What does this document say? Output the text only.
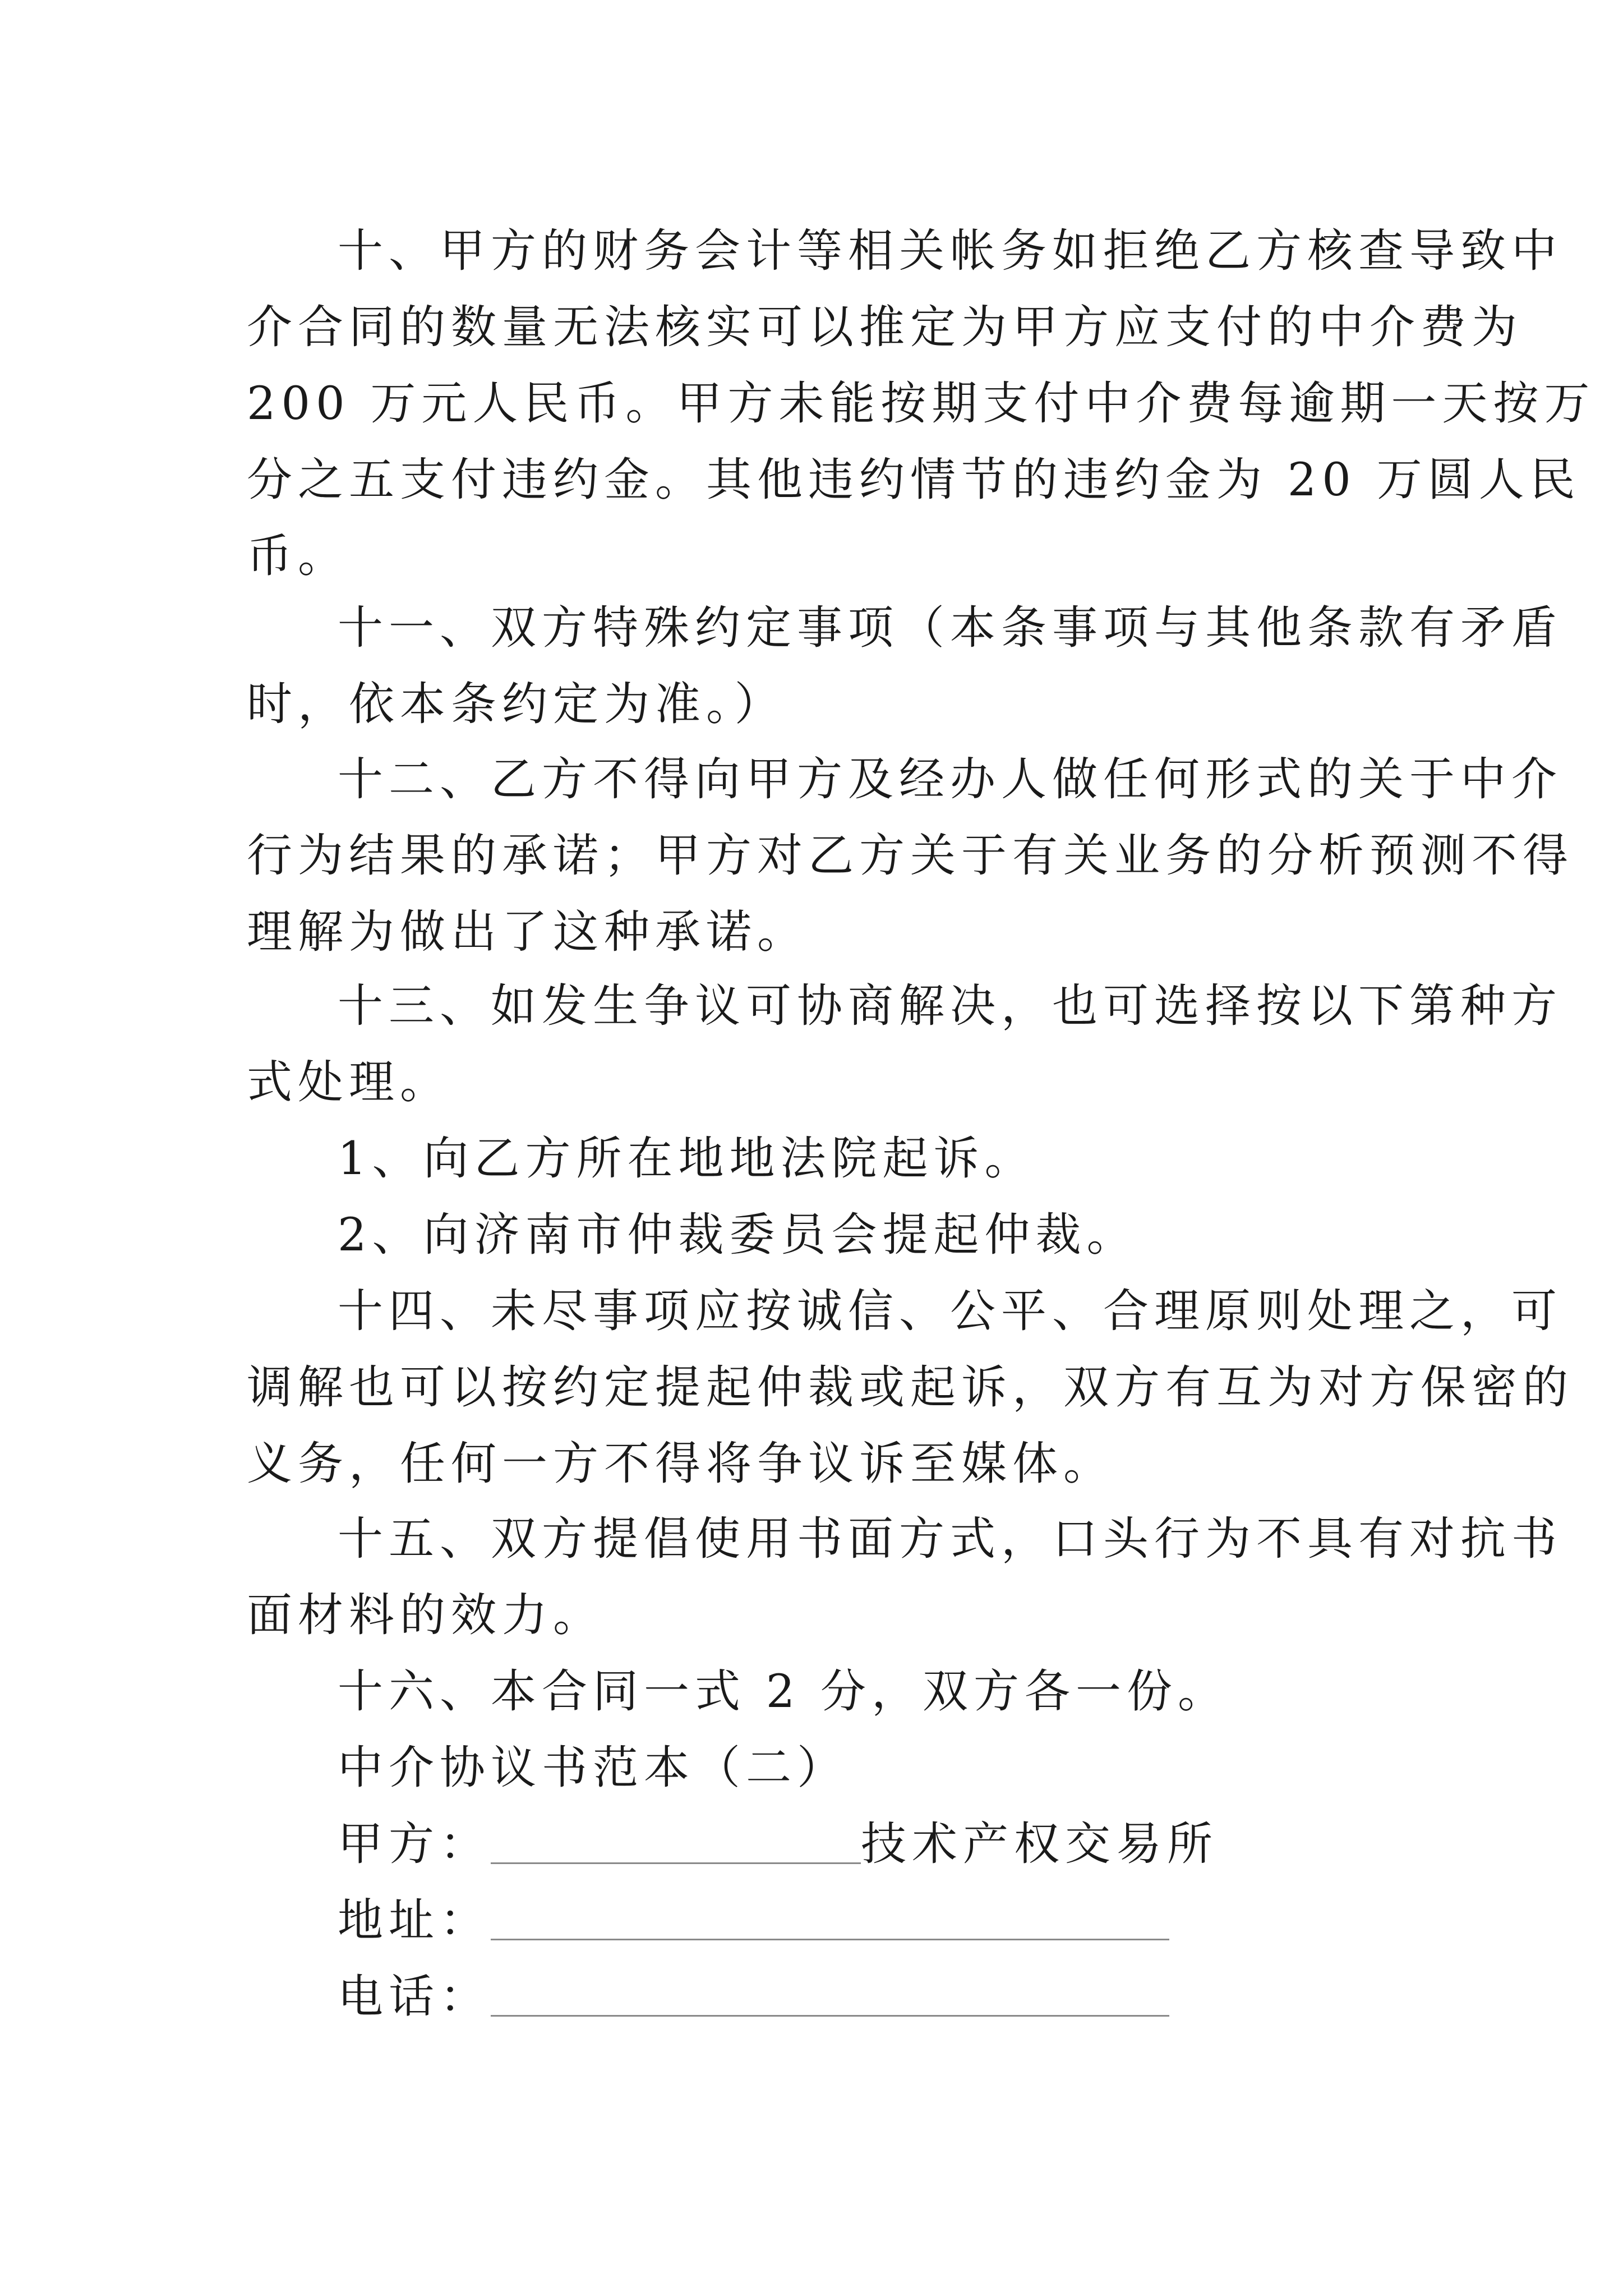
十、甲方的财务会计等相关帐务如拒绝乙方核查导致中
介合同的数量无法核实可以推定为甲方应支付的中介费为
200 万元人民币。甲方未能按期支付中介费每逾期一天按万
分之五支付违约金。其他违约情节的违约金为 20 万圆人民
币。
十一、双方特殊约定事项（本条事项与其他条款有矛盾
时，依本条约定为准。）
十二、乙方不得向甲方及经办人做任何形式的关于中介
行为结果的承诺；甲方对乙方关于有关业务的分析预测不得
理解为做出了这种承诺。
十三、如发生争议可协商解决，也可选择按以下第种方
式处理。
1、向乙方所在地地法院起诉。
2、向济南市仲裁委员会提起仲裁。
十四、未尽事项应按诚信、公平、合理原则处理之，可
调解也可以按约定提起仲裁或起诉，双方有互为对方保密的
义务，任何一方不得将争议诉至媒体。
十五、双方提倡使用书面方式，口头行为不具有对抗书
面材料的效力。
十六、本合同一式 2 分，双方各一份。
中介协议书范本（二）
甲方：	技术产权交易所
地址：
电话：
